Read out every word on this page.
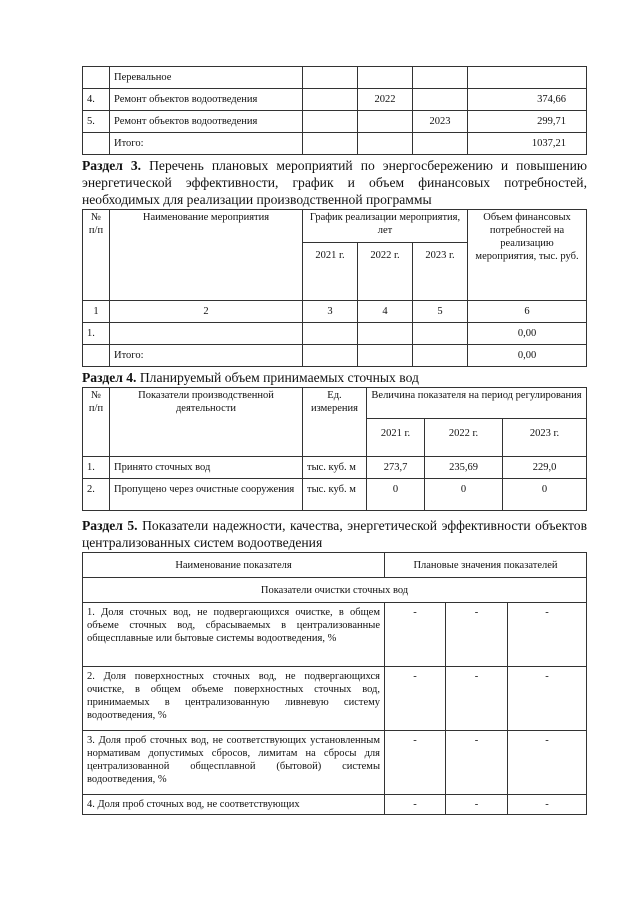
	Перевальное				
4.	Ремонт объектов водоотведения		2022		374,66
5.	Ремонт объектов водоотведения			2023	299,71
	Итого:				1037,21

Раздел 3. Перечень плановых мероприятий по энергосбережению и повышению энергетической эффективности, график и объем финансовых потребностей, необходимых для реализации производственной программы

№ п/п	Наименование мероприятия	График реализации мероприятия, лет			Объем финансовых потребностей на реализацию мероприятия, тыс. руб.
		2021 г.	2022 г.	2023 г.	
1	2	3	4	5	6
1.					0,00
	Итого:				0,00

Раздел 4. Планируемый объем принимаемых сточных вод

№ п/п	Показатели производственной деятельности	Ед. измерения	Величина показателя на период регулирования		
			2021 г.	2022 г.	2023 г.
1.	Принято сточных вод	тыс. куб. м	273,7	235,69	229,0
2.	Пропущено через очистные сооружения	тыс. куб. м	0	0	0

Раздел 5. Показатели надежности, качества, энергетической эффективности объектов централизованных систем водоотведения

Наименование показателя	Плановые значения показателей		
Показатели очистки сточных вод			
1. Доля сточных вод, не подвергающихся очистке, в общем объеме сточных вод, сбрасываемых в централизованные общесплавные или бытовые системы водоотведения, %	-	-	-
2. Доля поверхностных сточных вод, не подвергающихся очистке, в общем объеме поверхностных сточных вод, принимаемых в централизованную ливневую систему водоотведения, %	-	-	-
3. Доля проб сточных вод, не соответствующих установленным нормативам допустимых сбросов, лимитам на сбросы для централизованной общесплавной (бытовой) системы водоотведения, %	-	-	-
4. Доля проб сточных вод, не соответствующих	-	-	-
